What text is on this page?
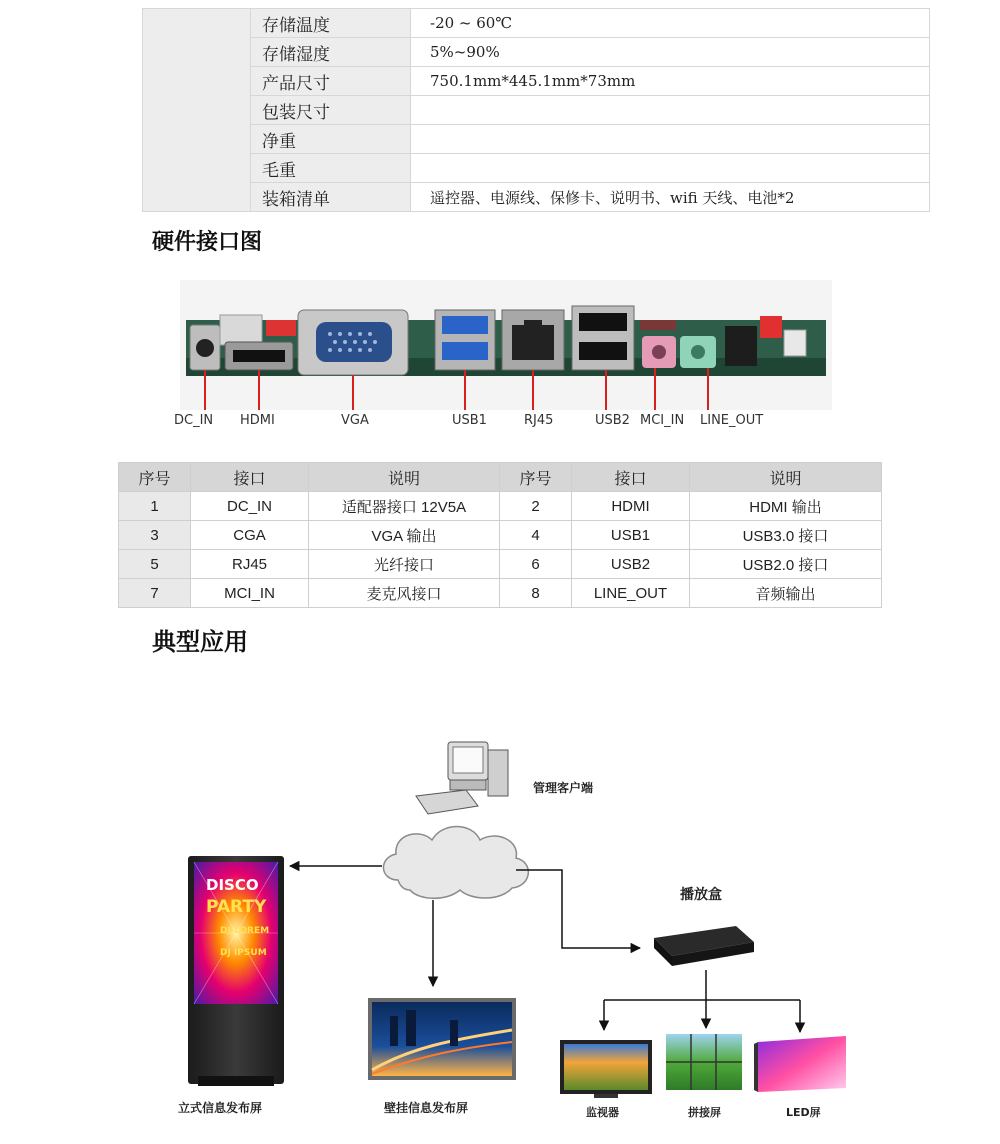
	存储温度	-20 ~ 60℃
	存储湿度	5%~90%
	产品尺寸	750.1mm*445.1mm*73mm
	包装尺寸	
	净重	
	毛重	
	装箱清单	遥控器、电源线、保修卡、说明书、wifi 天线、电池*2
硬件接口图
DC_IN HDMI	VGA	USB1	RJ45	USB2 MCI_IN LINE_OUT
序号	接口	说明	序号	接口	说明
1	DC_IN	适配器接口 12V5A	2	HDMI	HDMI 输出
3	CGA	VGA 输出	4	USB1	USB3.0 接口
5	RJ45	光纤接口	6	USB2	USB2.0 接口
7	MCI_IN	麦克风接口	8	LINE_OUT	音频输出
典型应用
DISCO
PARTY
DJ LOREM
DJ IPSUM
管理客户端
播放盒
立式信息发布屏	壁挂信息发布屏	监视器	拼接屏	LED屏
